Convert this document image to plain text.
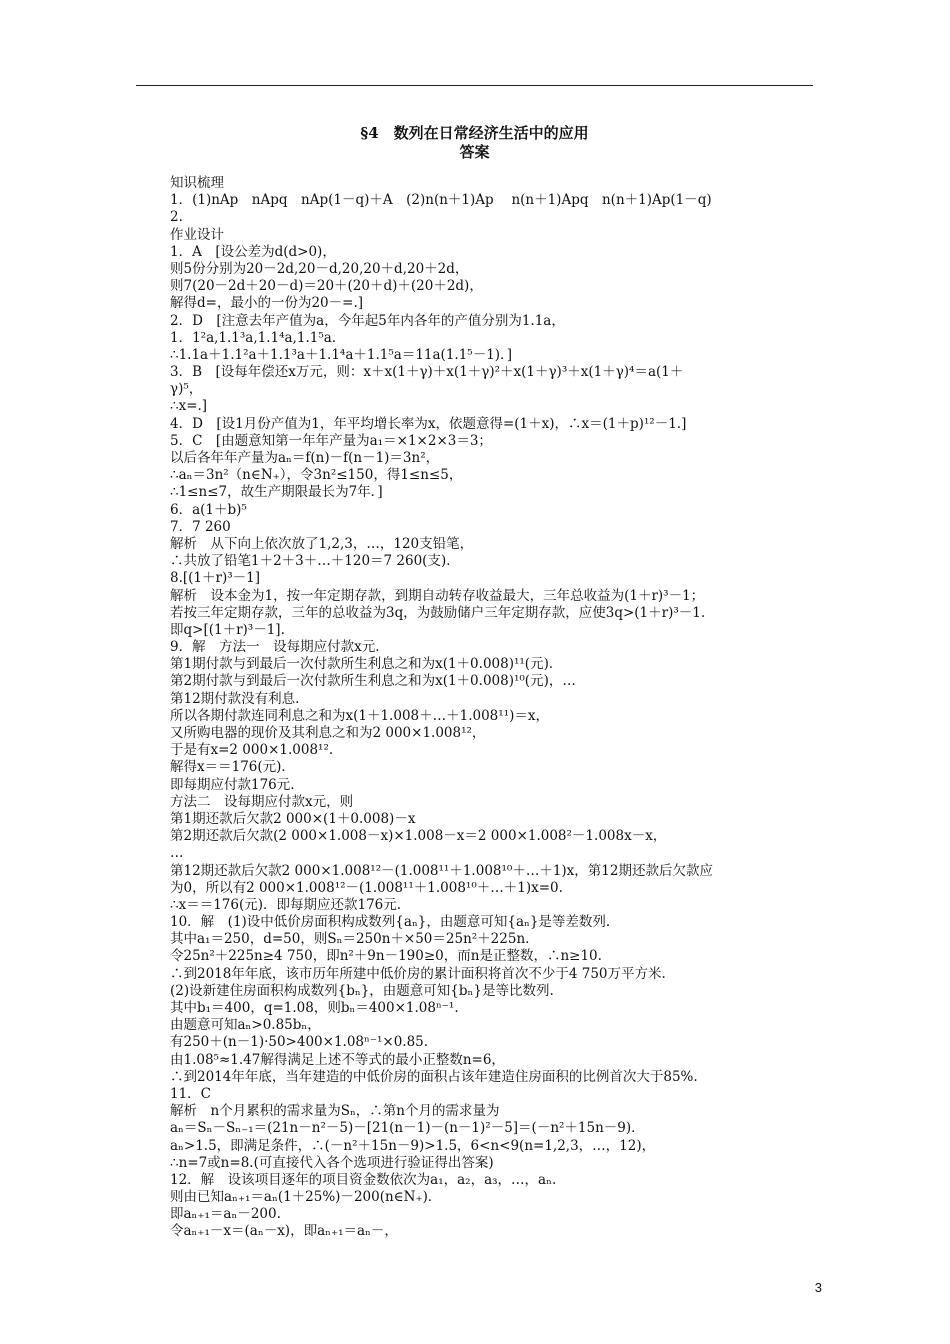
§4　数列在日常经济生活中的应用
答案
知识梳理
1．(1)nAp　nApq　nAp(1－q)＋A　(2)n(n＋1)Ap　 n(n＋1)Apq　n(n＋1)Ap(1－q)
2.
作业设计
1．A　[设公差为d(d>0)，
则5份分别为20－2d,20－d,20,20＋d,20＋2d，
则7(20－2d＋20－d)＝20＋(20＋d)＋(20＋2d)，
解得d=，最小的一份为20－=.]
2．D　[注意去年产值为a，今年起5年内各年的产值分别为1.1a，
1．1²a,1.1³a,1.1⁴a,1.1⁵a.
∴1.1a＋1.1²a＋1.1³a＋1.1⁴a＋1.1⁵a＝11a(1.1⁵－1)．]
3．B　[设每年偿还x万元，则：x＋x(1＋γ)＋x(1＋γ)²＋x(1＋γ)³＋x(1＋γ)⁴＝a(1＋
γ)⁵，
∴x=.]
4．D　[设1月份产值为1，年平均增长率为x，依题意得=(1＋x)，∴x＝(1＋p)¹²－1.]
5．C　[由题意知第一年年产量为a₁＝×1×2×3＝3；
以后各年年产量为aₙ＝f(n)－f(n－1)＝3n²，
∴aₙ＝3n²（n∈N₊），令3n²≤150，得1≤n≤5，
∴1≤n≤7，故生产期限最长为7年．]
6．a(1＋b)⁵
7．7 260
解析　从下向上依次放了1,2,3，…，120支铅笔，
∴共放了铅笔1＋2＋3＋…＋120＝7 260(支)．
8.[(1＋r)³－1]
解析　设本金为1，按一年定期存款，到期自动转存收益最大，三年总收益为(1＋r)³－1；
若按三年定期存款，三年的总收益为3q，为鼓励储户三年定期存款，应使3q>(1＋r)³－1.
即q>[(1＋r)³－1].
9．解　方法一　设每期应付款x元.
第1期付款与到最后一次付款所生利息之和为x(1＋0.008)¹¹(元)．
第2期付款与到最后一次付款所生利息之和为x(1＋0.008)¹⁰(元)，…
第12期付款没有利息.
所以各期付款连同利息之和为x(1＋1.008＋…＋1.008¹¹)＝x，
又所购电器的现价及其利息之和为2 000×1.008¹²，
于是有x=2 000×1.008¹².
解得x＝＝176(元)．
即每期应付款176元.
方法二　设每期应付款x元，则
第1期还款后欠款2 000×(1＋0.008)－x
第2期还款后欠款(2 000×1.008－x)×1.008－x＝2 000×1.008²－1.008x－x，
…
第12期还款后欠款2 000×1.008¹²－(1.008¹¹＋1.008¹⁰＋…＋1)x，第12期还款后欠款应
为0，所以有2 000×1.008¹²－(1.008¹¹＋1.008¹⁰＋…＋1)x=0.
∴x＝＝176(元)．即每期应还款176元.
10．解　(1)设中低价房面积构成数列{aₙ}，由题意可知{aₙ}是等差数列.
其中a₁＝250，d=50，则Sₙ＝250n＋×50＝25n²＋225n.
令25n²＋225n≥4 750，即n²＋9n－190≥0，而n是正整数，∴n≥10.
∴到2018年年底，该市历年所建中低价房的累计面积将首次不少于4 750万平方米.
(2)设新建住房面积构成数列{bₙ}，由题意可知{bₙ}是等比数列.
其中b₁＝400，q=1.08，则bₙ＝400×1.08ⁿ⁻¹.
由题意可知aₙ>0.85bₙ，
有250＋(n－1)·50>400×1.08ⁿ⁻¹×0.85.
由1.08⁵≈1.47解得满足上述不等式的最小正整数n=6，
∴到2014年年底，当年建造的中低价房的面积占该年建造住房面积的比例首次大于85%.
11．C
解析　n个月累积的需求量为Sₙ，∴第n个月的需求量为
aₙ＝Sₙ－Sₙ₋₁＝(21n－n²－5)－[21(n－1)－(n－1)²－5]＝(－n²＋15n－9)．
aₙ>1.5，即满足条件，∴(－n²＋15n－9)>1.5，6<n<9(n=1,2,3，…，12)，
∴n=7或n=8.(可直接代入各个选项进行验证得出答案)
12．解　设该项目逐年的项目资金数依次为a₁，a₂，a₃，…，aₙ.
则由已知aₙ₊₁＝aₙ(1＋25%)－200(n∈N₊)．
即aₙ₊₁＝aₙ－200.
令aₙ₊₁－x＝(aₙ－x)，即aₙ₊₁＝aₙ－，
3
